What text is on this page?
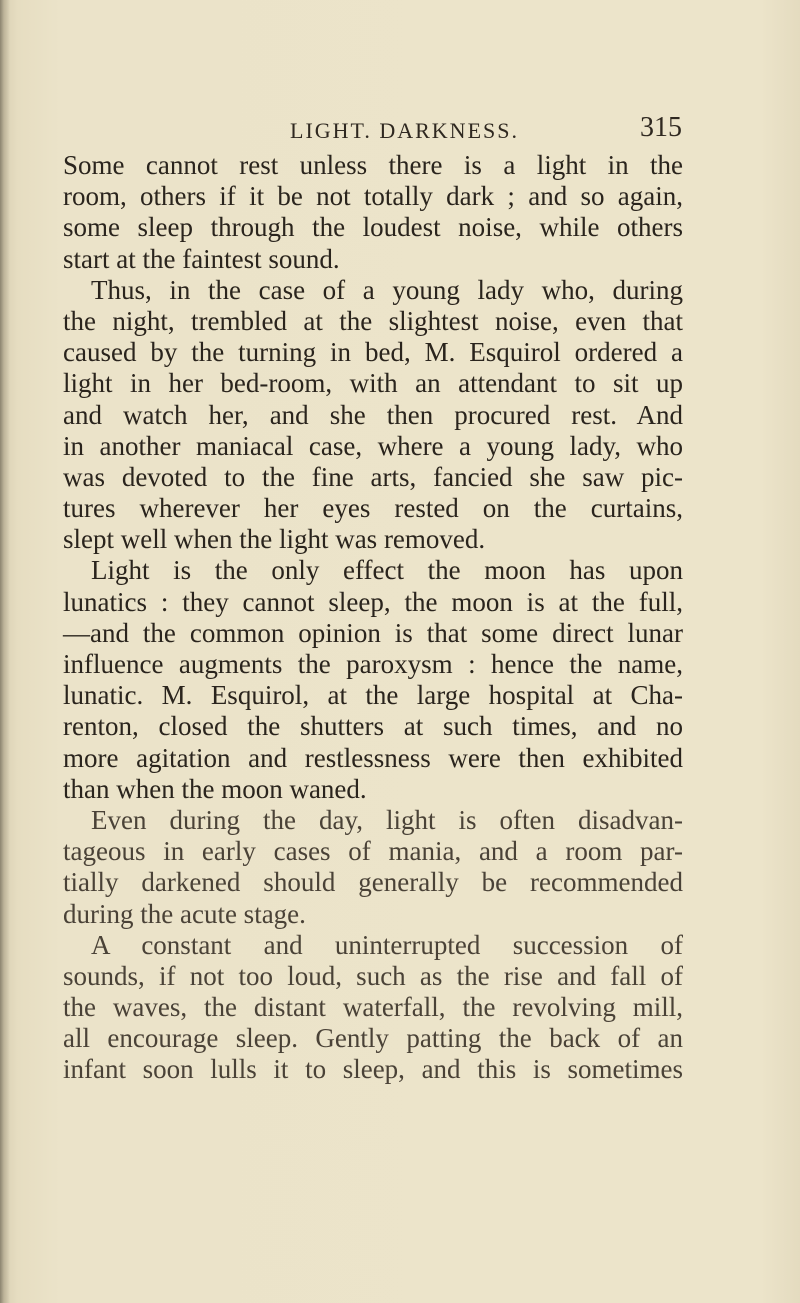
LIGHT. DARKNESS.	315
Some cannot rest unless there is a light in the
room, others if it be not totally dark ; and so again,
some sleep through the loudest noise, while others
start at the faintest sound.
Thus, in the case of a young lady who, during
the night, trembled at the slightest noise, even that
caused by the turning in bed, M. Esquirol ordered a
light in her bed-room, with an attendant to sit up
and watch her, and she then procured rest. And
in another maniacal case, where a young lady, who
was devoted to the fine arts, fancied she saw pic-
tures wherever her eyes rested on the curtains,
slept well when the light was removed.
Light is the only effect the moon has upon
lunatics : they cannot sleep, the moon is at the full,
—and the common opinion is that some direct lunar
influence augments the paroxysm : hence the name,
lunatic. M. Esquirol, at the large hospital at Cha-
renton, closed the shutters at such times, and no
more agitation and restlessness were then exhibited
than when the moon waned.
Even during the day, light is often disadvan-
tageous in early cases of mania, and a room par-
tially darkened should generally be recommended
during the acute stage.
A constant and uninterrupted succession of
sounds, if not too loud, such as the rise and fall of
the waves, the distant waterfall, the revolving mill,
all encourage sleep. Gently patting the back of an
infant soon lulls it to sleep, and this is sometimes
